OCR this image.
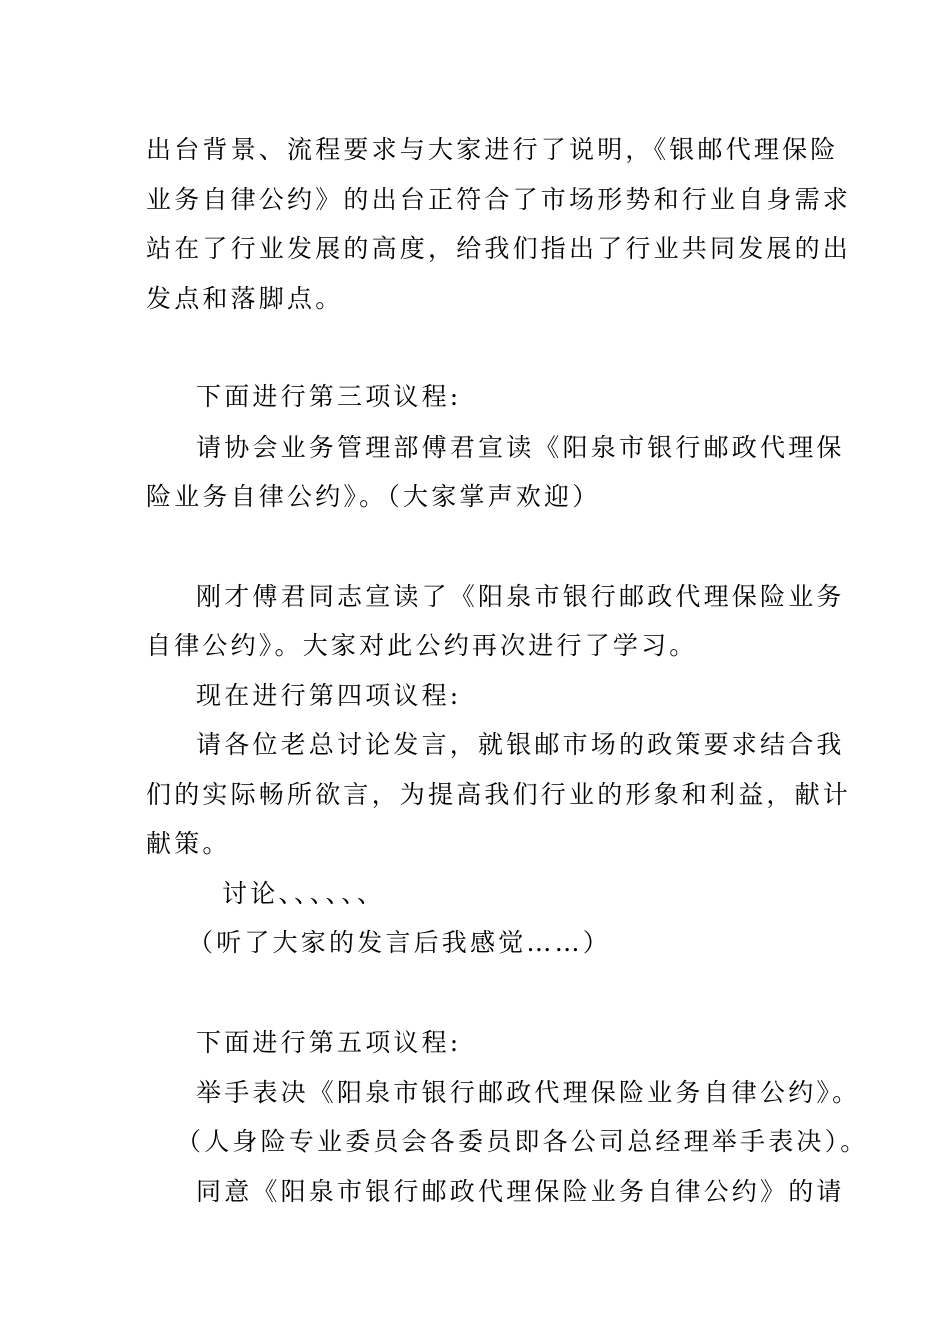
出台背景、流程要求与大家进行了说明，《银邮代理保险
业务自律公约》的出台正符合了市场形势和行业自身需求
站在了行业发展的高度，给我们指出了行业共同发展的出
发点和落脚点。
下面进行第三项议程:
请协会业务管理部傅君宣读《阳泉市银行邮政代理保
险业务自律公约》。（大家掌声欢迎）
刚才傅君同志宣读了《阳泉市银行邮政代理保险业务
自律公约》。大家对此公约再次进行了学习。
现在进行第四项议程:
请各位老总讨论发言，就银邮市场的政策要求结合我
们的实际畅所欲言，为提高我们行业的形象和利益，献计
献策。
讨论、、、、、、
（听了大家的发言后我感觉……）
下面进行第五项议程:
举手表决《阳泉市银行邮政代理保险业务自律公约》。
（人身险专业委员会各委员即各公司总经理举手表决）。
同意《阳泉市银行邮政代理保险业务自律公约》的请
